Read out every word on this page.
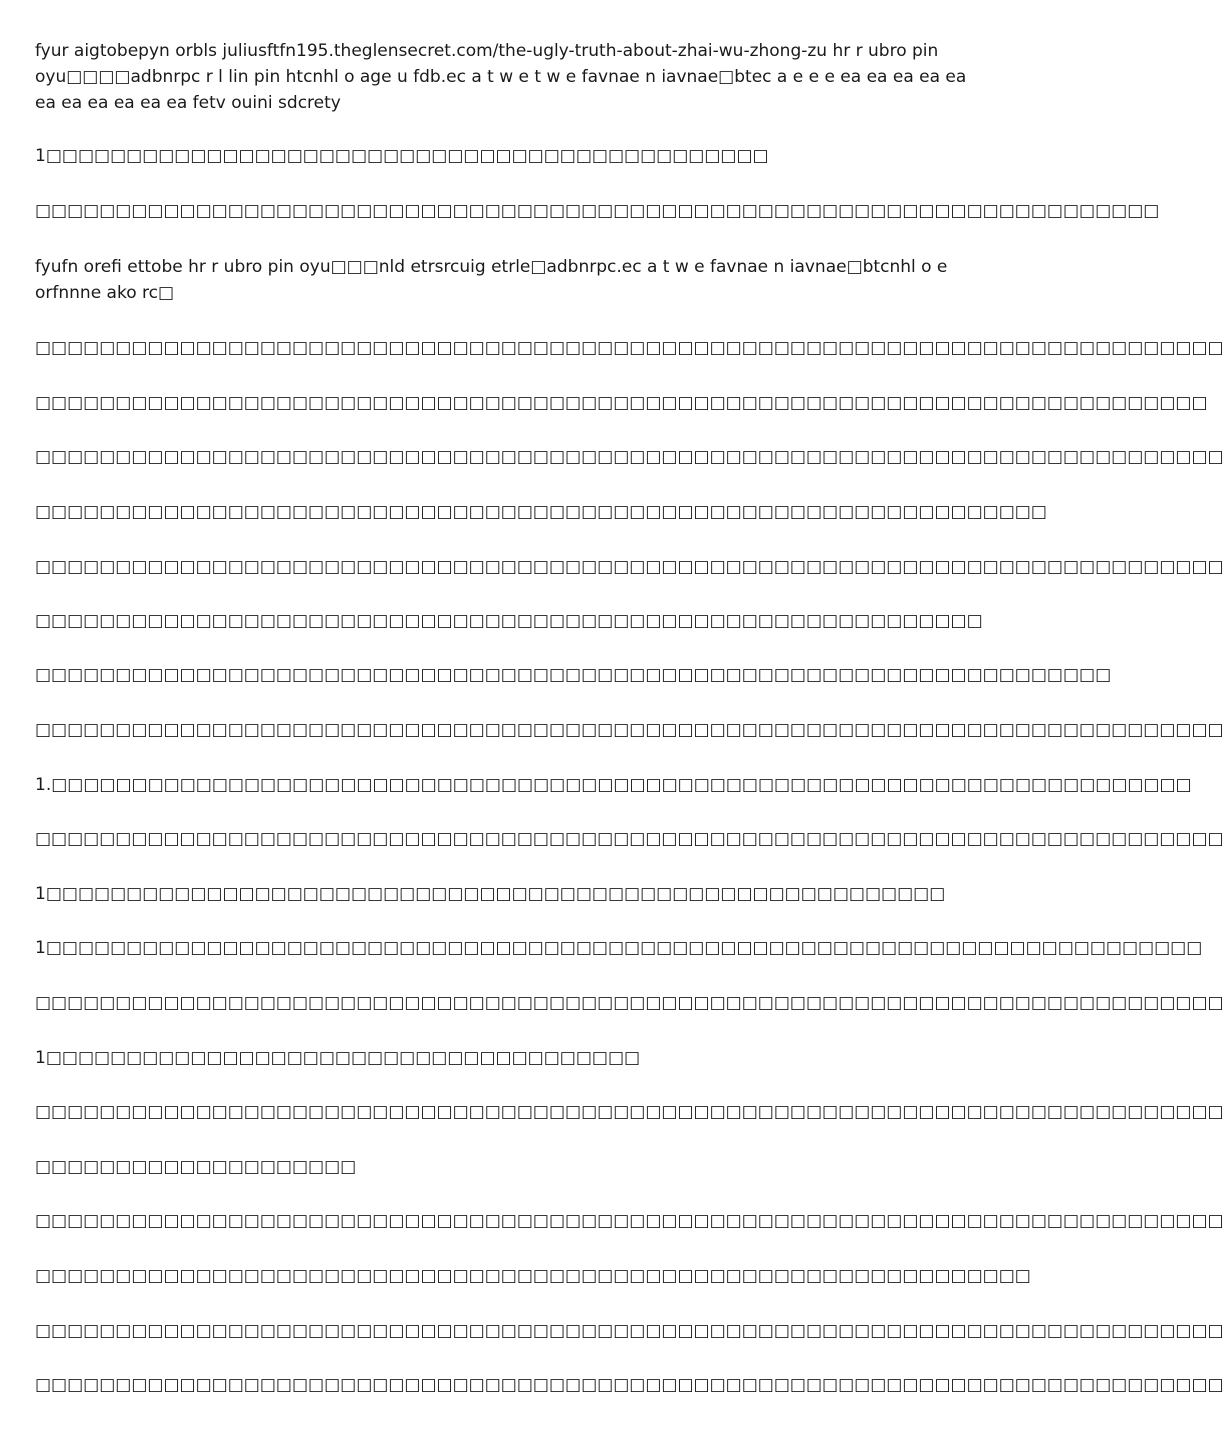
fyur aigtobepyn orbls juliusftfn195.theglensecret.com/the-ugly-truth-about-zhai-wu-zhong-zu hr r ubro pin oyu□□□□adbnrpc r l lin pin htcnhl o age u fdb.ec a t w e t w e favnae n iavnae□btec a e e e ea ea ea ea ea ea ea ea ea ea ea fetv ouini sdcrety

1□□□□□□□□□□□□□□□□□□□□□□□□□□□□□□□□□□□□□□□□□□□□□

□□□□□□□□□□□□□□□□□□□□□□□□□□□□□□□□□□□□□□□□□□□□□□□□□□□□□□□□□□□□□□□□□□□□□□

fyufn orefi ettobe hr r ubro pin oyu□□□nld etrsrcuig etrle□adbnrpc.ec a t w e favnae n iavnae□btcnhl o e orfnnne ako rc□

□□□□□□□□□□□□□□□□□□□□□□□□□□□□□□□□□□□□□□□□□□□□□□□□□□□□□□□□□□□□□□□□□□□□□□□□□□

□□□□□□□□□□□□□□□□□□□□□□□□□□□□□□□□□□□□□□□□□□□□□□□□□□□□□□□□□□□□□□□□□□□□□□□□□

□□□□□□□□□□□□□□□□□□□□□□□□□□□□□□□□□□□□□□□□□□□□□□□□□□□□□□□□□□□□□□□□□□□□□□□□□□

□□□□□□□□□□□□□□□□□□□□□□□□□□□□□□□□□□□□□□□□□□□□□□□□□□□□□□□□□□□□□□□

□□□□□□□□□□□□□□□□□□□□□□□□□□□□□□□□□□□□□□□□□□□□□□□□□□□□□□□□□□□□□□□□□□□□□□□□□□

□□□□□□□□□□□□□□□□□□□□□□□□□□□□□□□□□□□□□□□□□□□□□□□□□□□□□□□□□□□

□□□□□□□□□□□□□□□□□□□□□□□□□□□□□□□□□□□□□□□□□□□□□□□□□□□□□□□□□□□□□□□□□□□

□□□□□□□□□□□□□□□□□□□□□□□□□□□□□□□□□□□□□□□□□□□□□□□□□□□□□□□□□□□□□□□□□□□□□□□□□□

1.□□□□□□□□□□□□□□□□□□□□□□□□□□□□□□□□□□□□□□□□□□□□□□□□□□□□□□□□□□□□□□□□□□□□□□□

□□□□□□□□□□□□□□□□□□□□□□□□□□□□□□□□□□□□□□□□□□□□□□□□□□□□□□□□□□□□□□□□□□□□□□□□□□

1□□□□□□□□□□□□□□□□□□□□□□□□□□□□□□□□□□□□□□□□□□□□□□□□□□□□□□□□

1□□□□□□□□□□□□□□□□□□□□□□□□□□□□□□□□□□□□□□□□□□□□□□□□□□□□□□□□□□□□□□□□□□□□□□□□

□□□□□□□□□□□□□□□□□□□□□□□□□□□□□□□□□□□□□□□□□□□□□□□□□□□□□□□□□□□□□□□□□□□□□□□□□□

1□□□□□□□□□□□□□□□□□□□□□□□□□□□□□□□□□□□□□

□□□□□□□□□□□□□□□□□□□□□□□□□□□□□□□□□□□□□□□□□□□□□□□□□□□□□□□□□□□□□□□□□□□□□□□□□□

□□□□□□□□□□□□□□□□□□□□

□□□□□□□□□□□□□□□□□□□□□□□□□□□□□□□□□□□□□□□□□□□□□□□□□□□□□□□□□□□□□□□□□□□□□□□□□□

□□□□□□□□□□□□□□□□□□□□□□□□□□□□□□□□□□□□□□□□□□□□□□□□□□□□□□□□□□□□□□

□□□□□□□□□□□□□□□□□□□□□□□□□□□□□□□□□□□□□□□□□□□□□□□□□□□□□□□□□□□□□□□□□□□□□□□□□□

□□□□□□□□□□□□□□□□□□□□□□□□□□□□□□□□□□□□□□□□□□□□□□□□□□□□□□□□□□□□□□□□□□□□□□□□□□
